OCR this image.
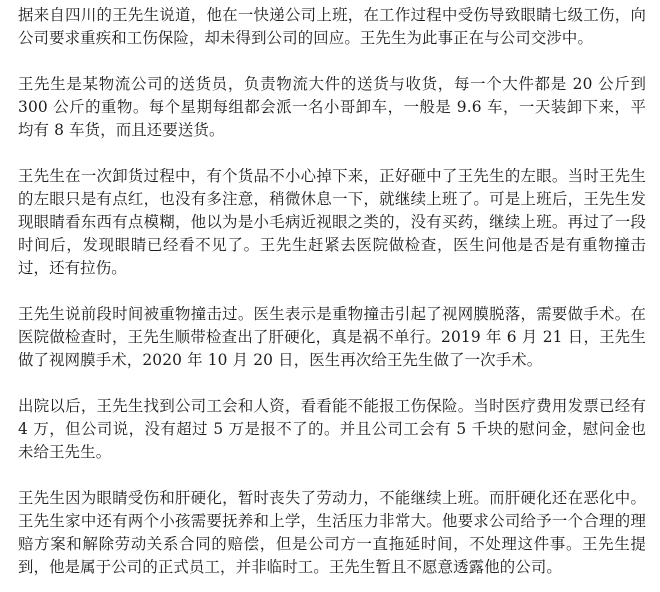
据来自四川的王先生说道，他在一快递公司上班，在工作过程中受伤导致眼睛七级工伤，向公司要求重疾和工伤保险，却未得到公司的回应。王先生为此事正在与公司交涉中。

王先生是某物流公司的送货员，负责物流大件的送货与收货，每一个大件都是 20 公斤到 300 公斤的重物。每个星期每组都会派一名小哥卸车，一般是 9.6 车，一天装卸下来，平均有 8 车货，而且还要送货。

王先生在一次卸货过程中，有个货品不小心掉下来，正好砸中了王先生的左眼。当时王先生的左眼只是有点红，也没有多注意，稍微休息一下，就继续上班了。可是上班后，王先生发现眼睛看东西有点模糊，他以为是小毛病近视眼之类的，没有买药，继续上班。再过了一段时间后，发现眼睛已经看不见了。王先生赶紧去医院做检查，医生问他是否是有重物撞击过，还有拉伤。

王先生说前段时间被重物撞击过。医生表示是重物撞击引起了视网膜脱落，需要做手术。在医院做检查时，王先生顺带检查出了肝硬化，真是祸不单行。2019 年 6 月 21 日，王先生做了视网膜手术，2020 年 10 月 20 日，医生再次给王先生做了一次手术。

出院以后，王先生找到公司工会和人资，看看能不能报工伤保险。当时医疗费用发票已经有 4 万，但公司说，没有超过 5 万是报不了的。并且公司工会有 5 千块的慰问金，慰问金也未给王先生。

王先生因为眼睛受伤和肝硬化，暂时丧失了劳动力，不能继续上班。而肝硬化还在恶化中。王先生家中还有两个小孩需要抚养和上学，生活压力非常大。他要求公司给予一个合理的理赔方案和解除劳动关系合同的赔偿，但是公司方一直拖延时间，不处理这件事。王先生提到，他是属于公司的正式员工，并非临时工。王先生暂且不愿意透露他的公司。
